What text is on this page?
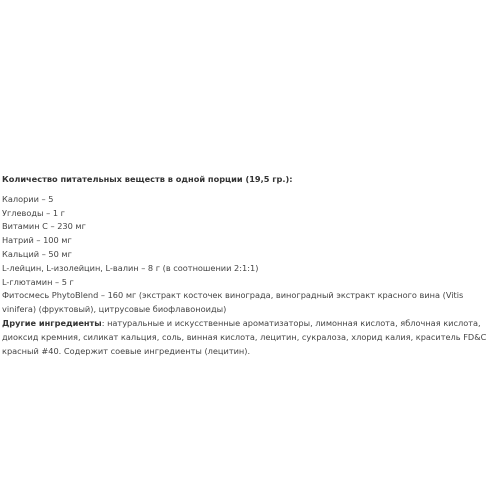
Количество питательных веществ в одной порции (19,5 гр.):
Калории – 5
Углеводы – 1 г
Витамин С – 230 мг
Натрий – 100 мг
Кальций – 50 мг
L-лейцин, L-изолейцин, L-валин – 8 г (в соотношении 2:1:1)
L-глютамин – 5 г
Фитосмесь PhytoBlend – 160 мг (экстракт косточек винограда, виноградный экстракт красного вина (Vitis vinifera) (фруктовый), цитрусовые биофлавоноиды)
Другие ингредиенты: натуральные и искусственные ароматизаторы, лимонная кислота, яблочная кислота, диоксид кремния, силикат кальция, соль, винная кислота, лецитин, сукралоза, хлорид калия, краситель FD&C красный #40. Содержит соевые ингредиенты (лецитин).
